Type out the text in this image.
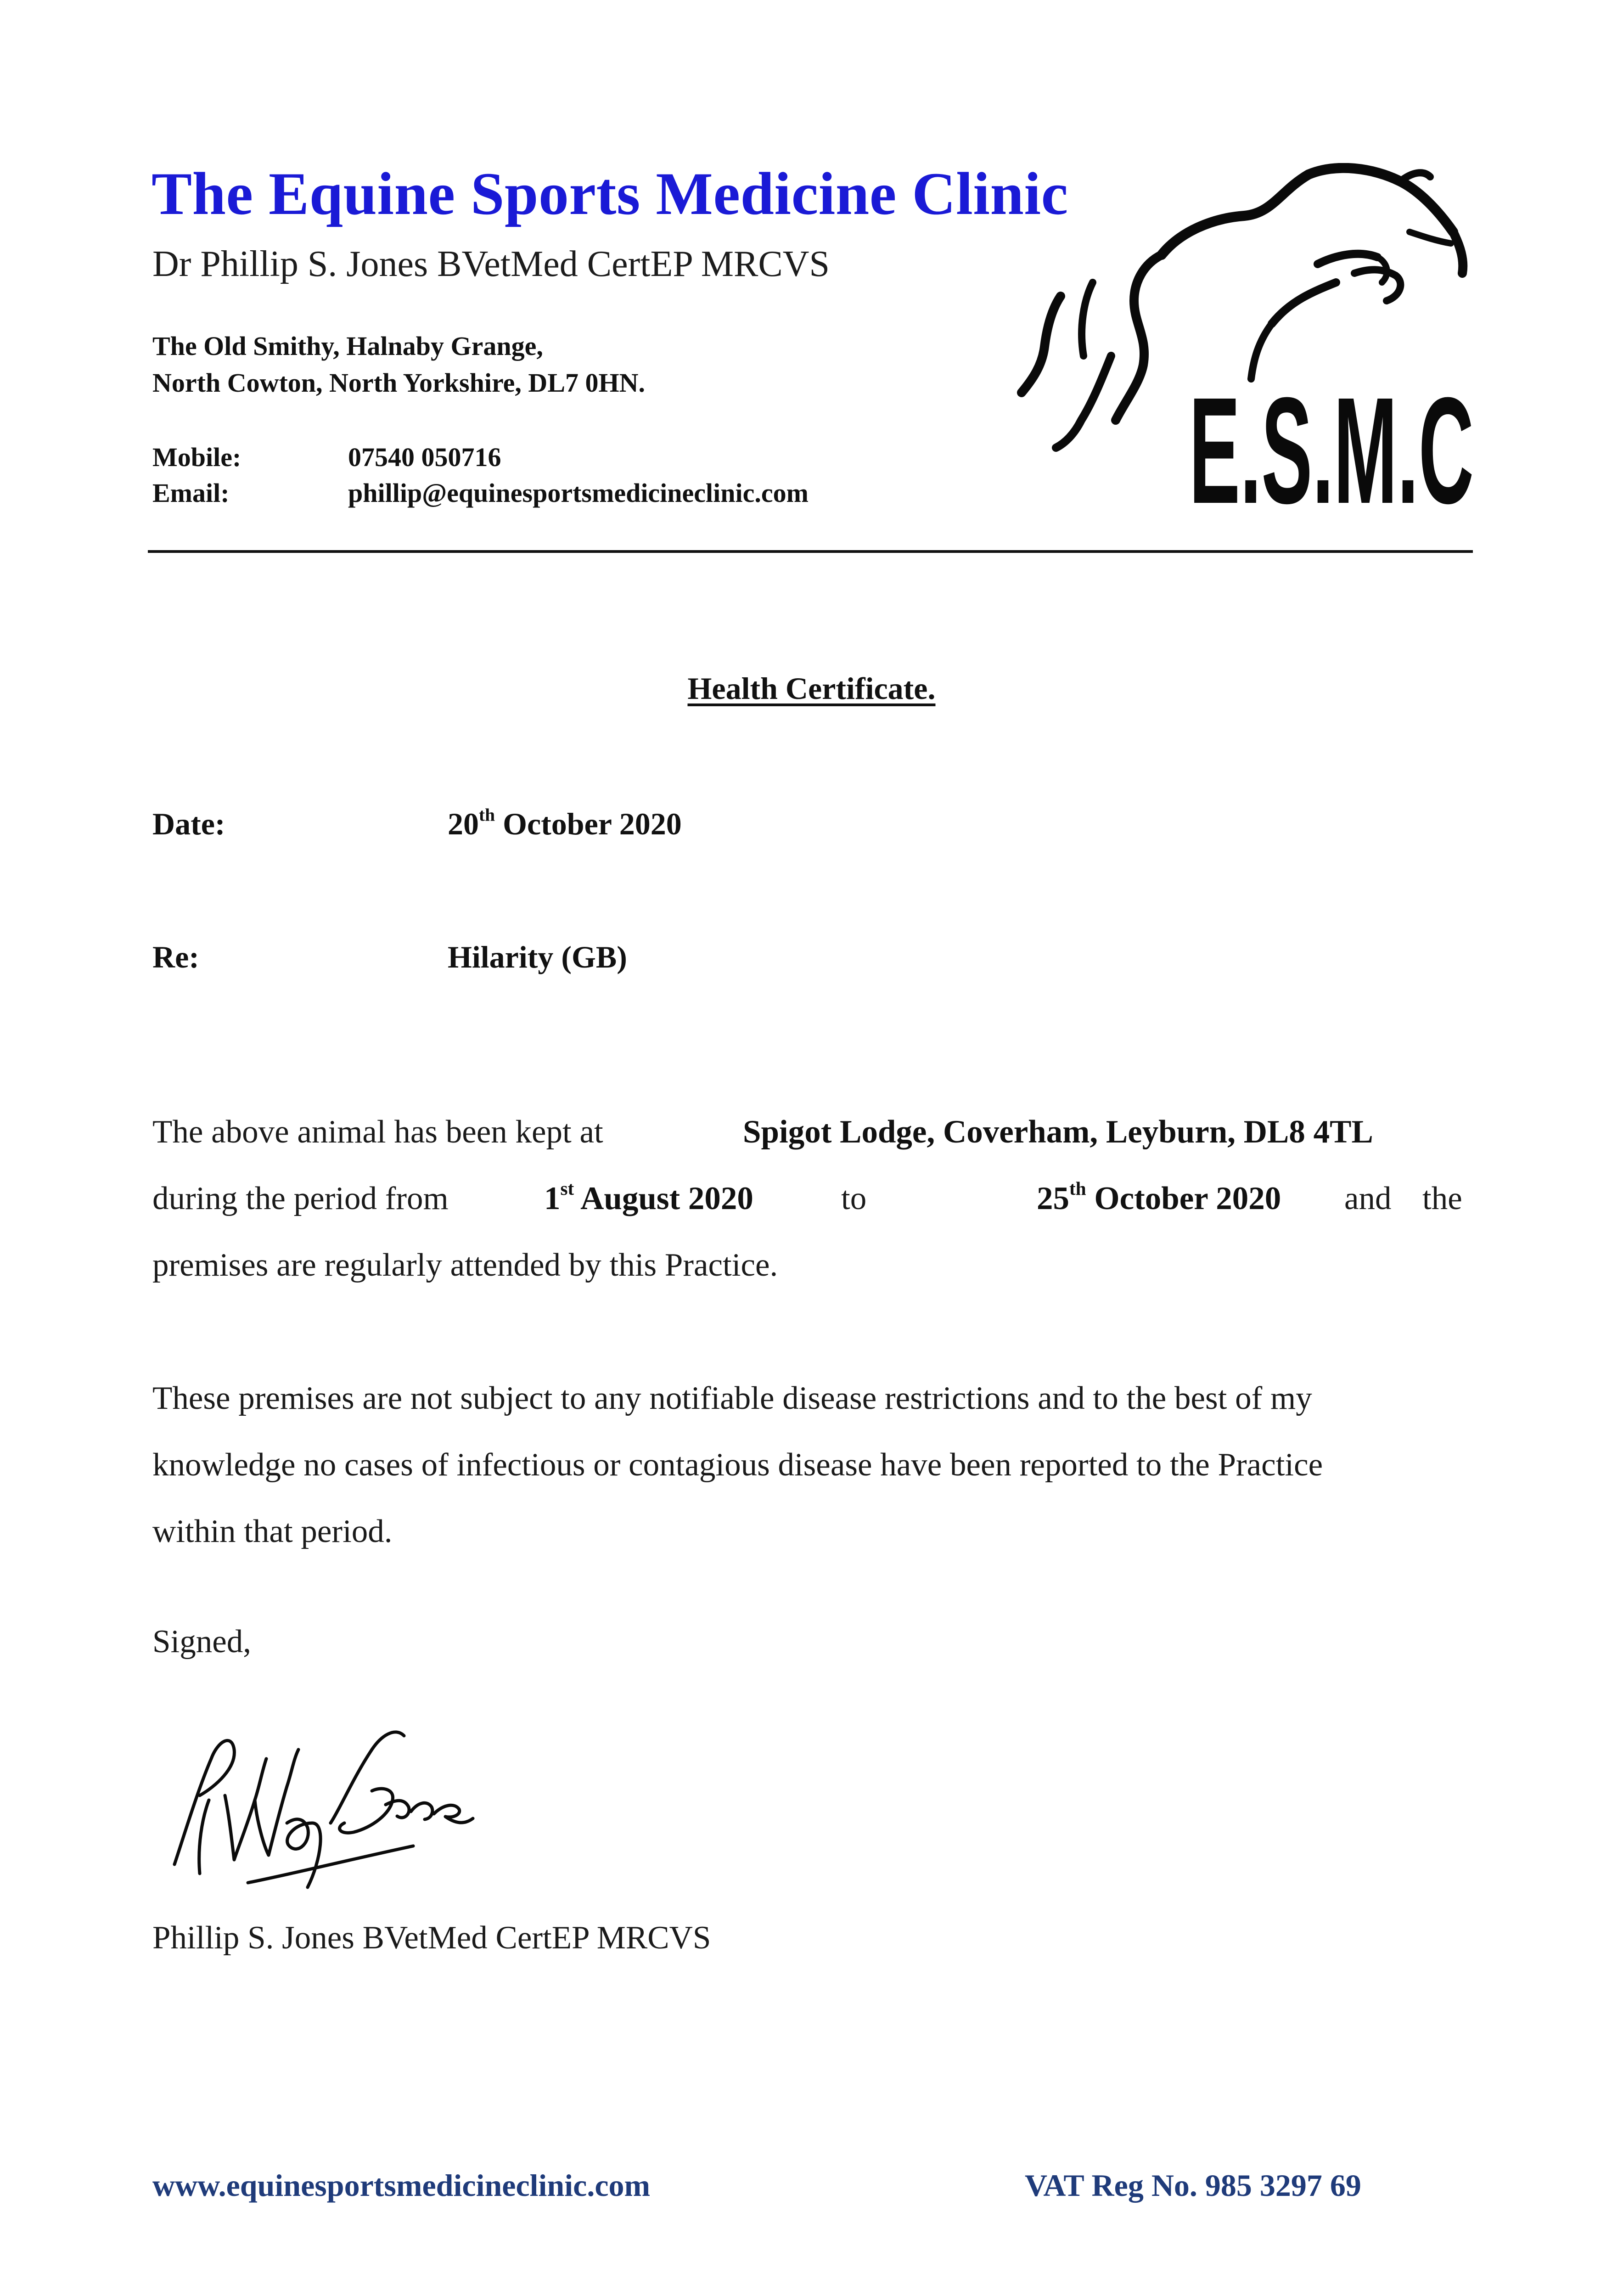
The Equine Sports Medicine Clinic
Dr Phillip S. Jones BVetMed CertEP MRCVS
The Old Smithy, Halnaby Grange,
North Cowton, North Yorkshire, DL7 0HN.
Mobile:	07540 050716
Email:	phillip@equinesportsmedicineclinic.com	E.S.M.C
Health Certificate.
Date:	20th October 2020
Re:	Hilarity (GB)
The above animal has been kept at	Spigot Lodge, Coverham, Leyburn, DL8 4TL
during the period from	1st August 2020	to	25th October 2020 and the
premises are regularly attended by this Practice.
These premises are not subject to any notifiable disease restrictions and to the best of my
knowledge no cases of infectious or contagious disease have been reported to the Practice
within that period.
Signed,
Phillip S. Jones BVetMed CertEP MRCVS
www.equinesportsmedicineclinic.com	VAT Reg No. 985 3297 69
